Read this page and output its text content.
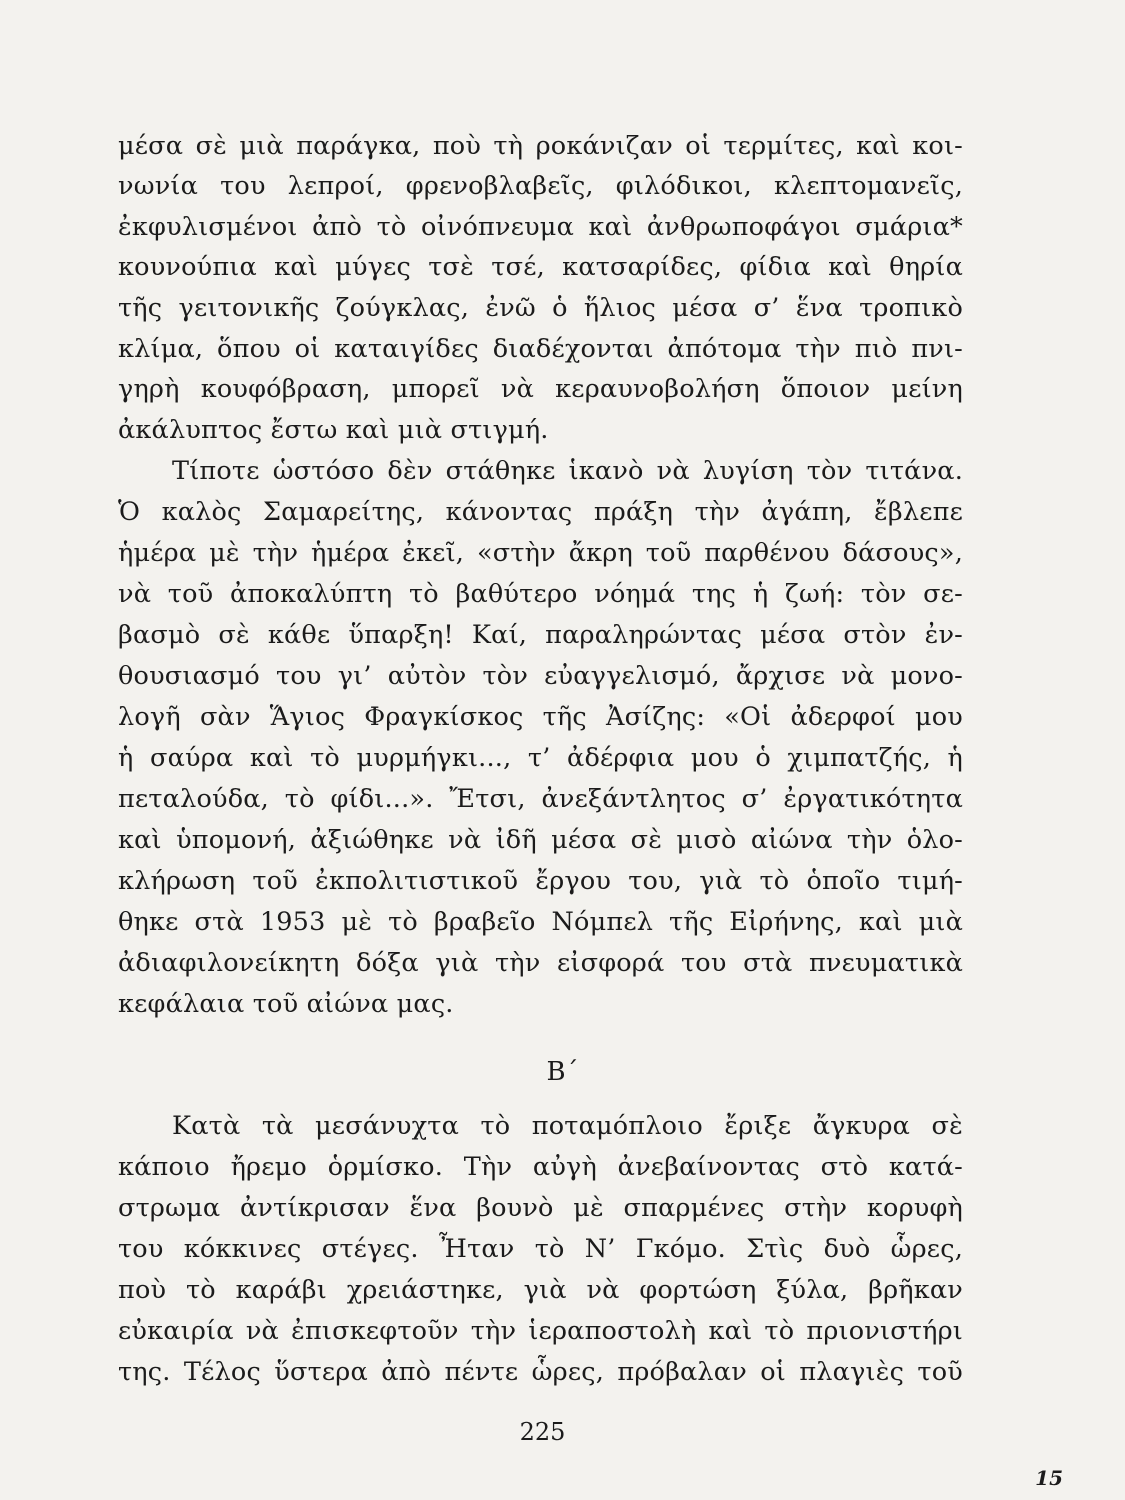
μέσα σὲ μιὰ παράγκα, ποὺ τὴ ροκάνιζαν οἱ τερμίτες, καὶ κοι-
νωνία του λεπροί, φρενοβλαβεῖς, φιλόδικοι, κλεπτομανεῖς,
ἐκφυλισμένοι ἀπὸ τὸ οἰνόπνευμα καὶ ἀνθρωποφάγοι σμάρια*
κουνούπια καὶ μύγες τσὲ τσέ, κατσαρίδες, φίδια καὶ θηρία
τῆς γειτονικῆς ζούγκλας, ἐνῶ ὁ ἥλιος μέσα σ’ ἕνα τροπικὸ
κλίμα, ὅπου οἱ καταιγίδες διαδέχονται ἀπότομα τὴν πιὸ πνι-
γηρὴ κουφόβραση, μπορεῖ νὰ κεραυνοβολήση ὅποιον μείνη
ἀκάλυπτος ἔστω καὶ μιὰ στιγμή.
Τίποτε ὡστόσο δὲν στάθηκε ἱκανὸ νὰ λυγίση τὸν τιτάνα.
Ὁ καλὸς Σαμαρείτης, κάνοντας πράξη τὴν ἀγάπη, ἔβλεπε
ἡμέρα μὲ τὴν ἡμέρα ἐκεῖ, «στὴν ἄκρη τοῦ παρθένου δάσους»,
νὰ τοῦ ἀποκαλύπτη τὸ βαθύτερο νόημά της ἡ ζωή: τὸν σε-
βασμὸ σὲ κάθε ὕπαρξη! Καί, παραληρώντας μέσα στὸν ἐν-
θουσιασμό του γι’ αὐτὸν τὸν εὐαγγελισμό, ἄρχισε νὰ μονο-
λογῆ σὰν Ἅγιος Φραγκίσκος τῆς Ἀσίζης: «Οἱ ἀδερφοί μου
ἡ σαύρα καὶ τὸ μυρμήγκι..., τ’ ἀδέρφια μου ὁ χιμπατζής, ἡ
πεταλούδα, τὸ φίδι...». Ἔτσι, ἀνεξάντλητος σ’ ἐργατικότητα
καὶ ὑπομονή, ἀξιώθηκε νὰ ἰδῆ μέσα σὲ μισὸ αἰώνα τὴν ὁλο-
κλήρωση τοῦ ἐκπολιτιστικοῦ ἔργου του, γιὰ τὸ ὁποῖο τιμή-
θηκε στὰ 1953 μὲ τὸ βραβεῖο Νόμπελ τῆς Εἰρήνης, καὶ μιὰ
ἀδιαφιλονείκητη δόξα γιὰ τὴν εἰσφορά του στὰ πνευματικὰ
κεφάλαια τοῦ αἰώνα μας.
Β΄
Κατὰ τὰ μεσάνυχτα τὸ ποταμόπλοιο ἔριξε ἄγκυρα σὲ
κάποιο ἤρεμο ὁρμίσκο. Τὴν αὐγὴ ἀνεβαίνοντας στὸ κατά-
στρωμα ἀντίκρισαν ἕνα βουνὸ μὲ σπαρμένες στὴν κορυφὴ
του κόκκινες στέγες. Ἦταν τὸ Ν’ Γκόμο. Στὶς δυὸ ὧρες,
ποὺ τὸ καράβι χρειάστηκε, γιὰ νὰ φορτώση ξύλα, βρῆκαν
εὐκαιρία νὰ ἐπισκεφτοῦν τὴν ἱεραποστολὴ καὶ τὸ πριονιστήρι
της. Τέλος ὕστερα ἀπὸ πέντε ὧρες, πρόβαλαν οἱ πλαγιὲς τοῦ
225
15
